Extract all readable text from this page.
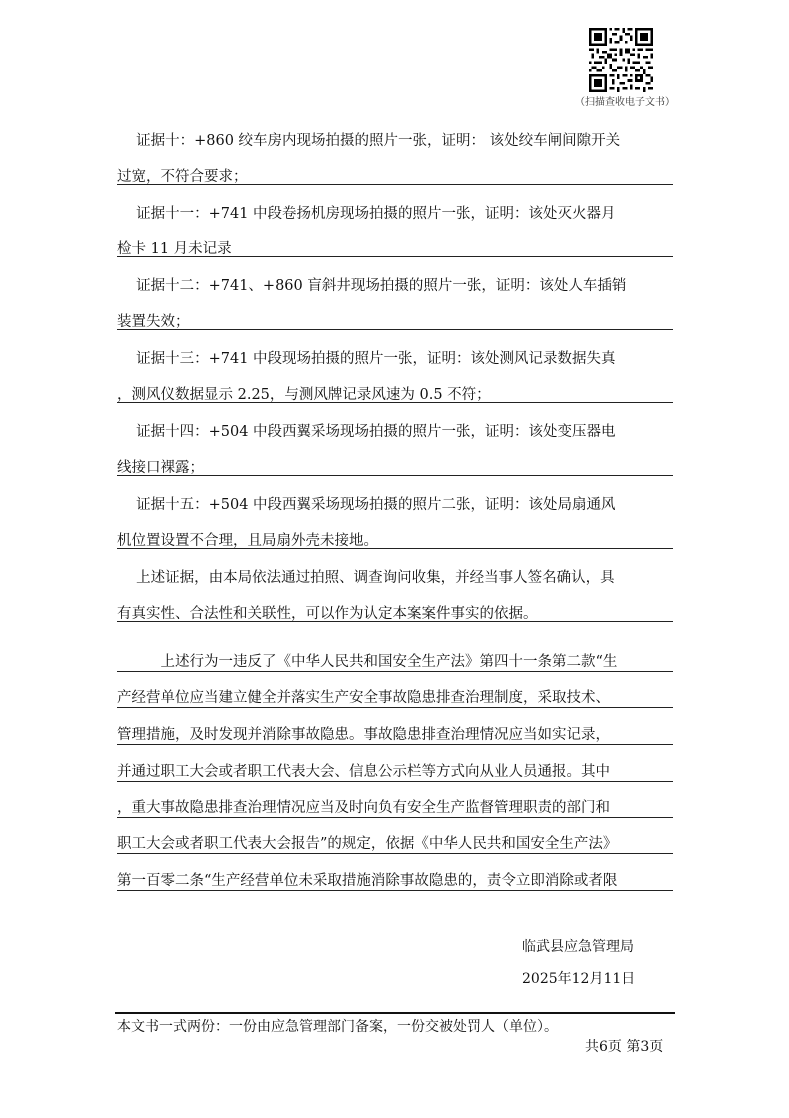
（扫描查收电子文书）
　 证据十：+860 绞车房内现场拍摄的照片一张，证明： 该处绞车闸间隙开关
过宽，不符合要求；
　 证据十一：+741 中段卷扬机房现场拍摄的照片一张，证明：该处灭火器月
检卡 11 月未记录
　 证据十二：+741、+860 盲斜井现场拍摄的照片一张，证明：该处人车插销
装置失效；
　 证据十三：+741 中段现场拍摄的照片一张，证明：该处测风记录数据失真
，测风仪数据显示 2.25，与测风牌记录风速为 0.5 不符；
　 证据十四：+504 中段西翼采场现场拍摄的照片一张，证明：该处变压器电
线接口裸露；
　 证据十五：+504 中段西翼采场现场拍摄的照片二张，证明：该处局扇通风
机位置设置不合理，且局扇外壳未接地。
　 上述证据，由本局依法通过拍照、调查询问收集，并经当事人签名确认，具
有真实性、合法性和关联性，可以作为认定本案案件事实的依据。
　　　上述行为一违反了《中华人民共和国安全生产法》第四十一条第二款“生
产经营单位应当建立健全并落实生产安全事故隐患排查治理制度，采取技术、
管理措施，及时发现并消除事故隐患。事故隐患排查治理情况应当如实记录，
并通过职工大会或者职工代表大会、信息公示栏等方式向从业人员通报。其中
，重大事故隐患排查治理情况应当及时向负有安全生产监督管理职责的部门和
职工大会或者职工代表大会报告”的规定，依据《中华人民共和国安全生产法》
第一百零二条“生产经营单位未采取措施消除事故隐患的，责令立即消除或者限
临武县应急管理局
2025年12月11日
本文书一式两份：一份由应急管理部门备案，一份交被处罚人（单位）。
共6页 第3页
